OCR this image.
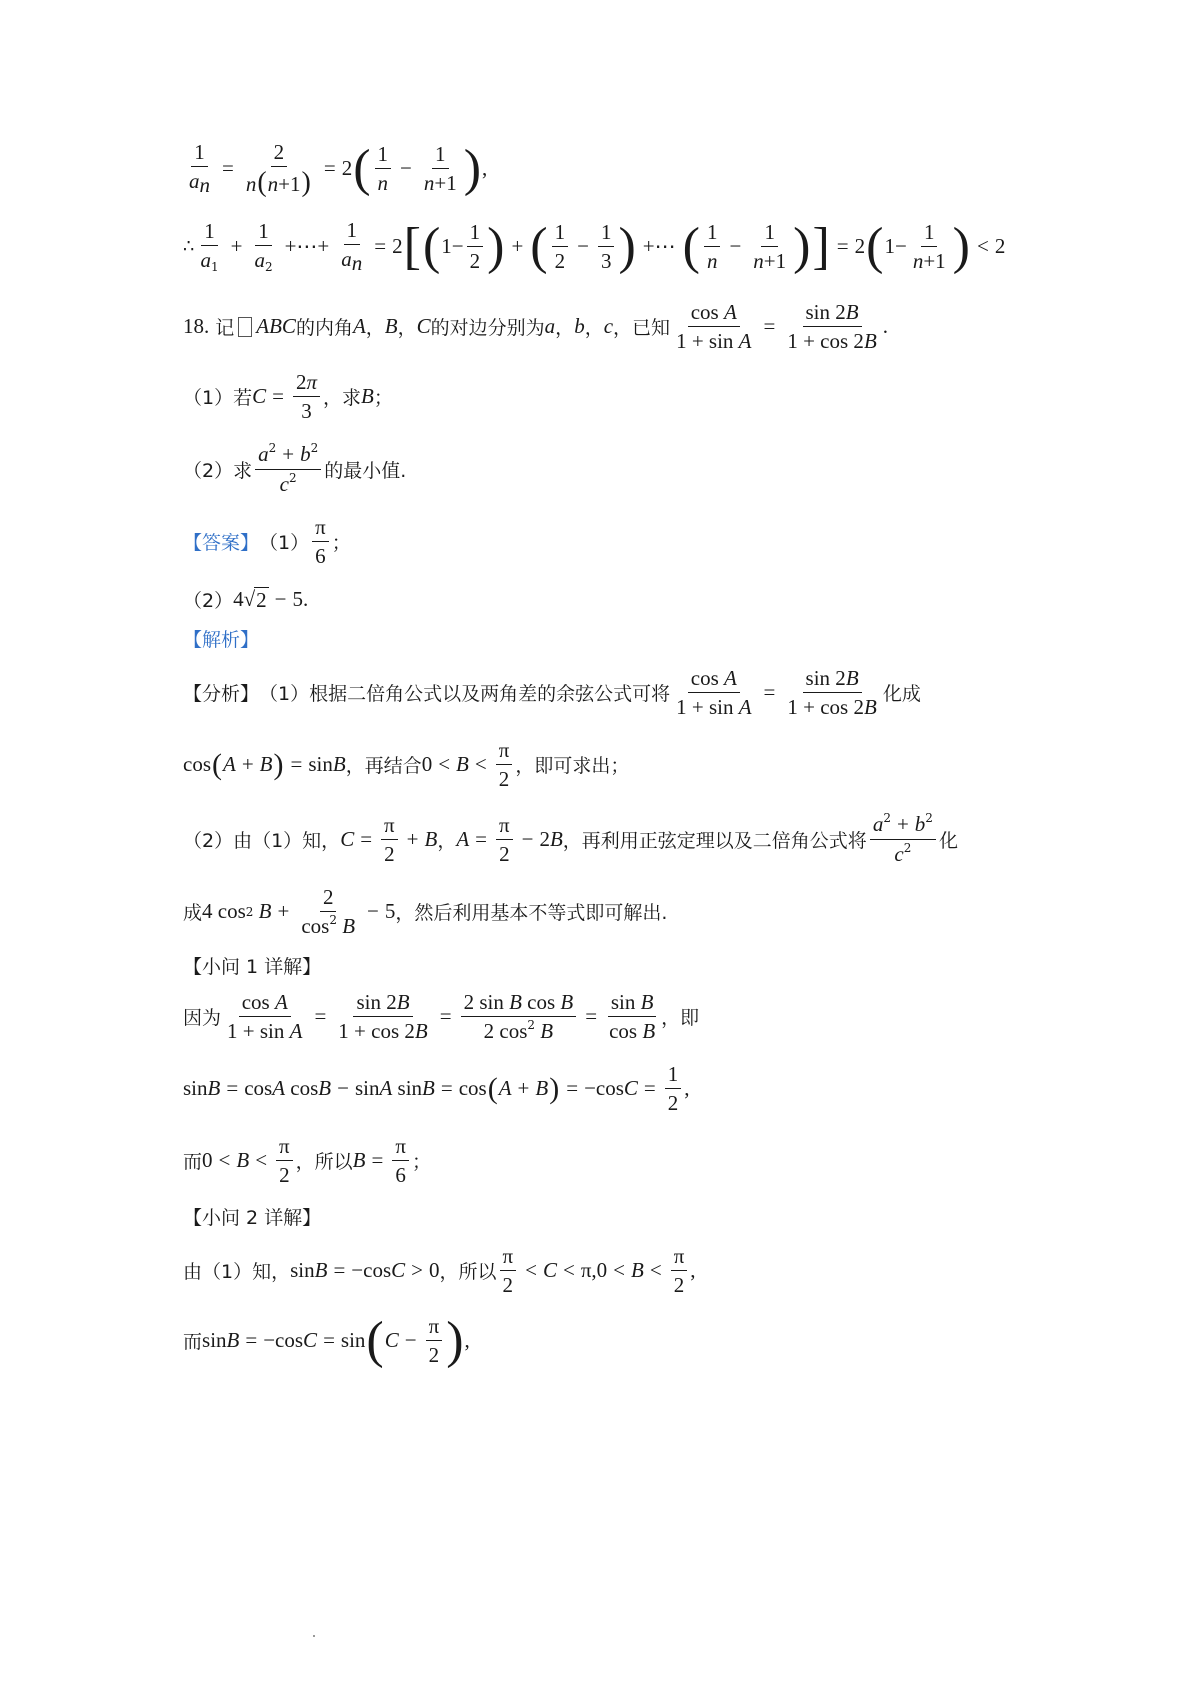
$\frac{1}{a_n} = \frac{2}{n(n+1)} = 2$ ( $\frac{1}{n} - \frac{1}{n+1}$ ) ,
∴ $\frac{1}{a_1} + \frac{1}{a_2}$ +⋯+ $\frac{1}{a_n} = 2$ [ ( $1- \frac{1}{2}$ ) + ( $\frac{1}{2} - \frac{1}{3}$ ) +⋯ ( $\frac{1}{n} - \frac{1}{n+1}$ ) ] = 2 ( $1- \frac{1}{n+1}$ ) < 2
18. 记 ABC 的内角 A ， B ， C 的对边分别为 a ， b ， c ， 已知 $\frac{\text{cos A}}{\text{1 + sin A}} = \frac{\sin 2B}{1 + \cos 2B}$ .
（1）若 $C = \frac{2\pi}{3}$ ，求 B ；
（2）求 $\frac{a^2 + b^2}{c^2}$ 的最小值.
【答案】 $(1) \frac{\pi}{6}$ ；
（2） 4 √ 2 − 5 .
【解析】
【分析】 （1）根据二倍角公式以及两角差的余弦公式可将 $\frac{\text{cos A}}{\text{1 + sin A}} = \frac{\sin 2B}{1 + \cos 2B}$ 化成
cos ( A + B ) = sin B ，再结合 $0 < B < \frac{\pi}{2}$ ，即可求出；
（2）由（1）知， $C = \frac{\pi}{2} + B$ ， $A = \frac{\pi}{2} - 2$ B ，再利用正弦定理以及二倍角公式将 $\frac{a^2 + b^2}{c^2}$ 化
成 4 cos 2
$B + \frac{2}{\cos^2 B} - 5$ ，然后利用基本不等式即可解出.
【小问 1 详解】
因为 $\frac{\text{cos A}}{\text{1 + sin A}} = \frac{\sin 2B}{1 + \cos 2B} = \frac{\text{2 sin B cos B}}{2 \cos^2 B} = \frac{\text{sin B}}{\text{cos B}}$ ，即
sin B = cos A cos B − sin A sin B = cos ( A + B ) = −cos $C = \frac{1}{2}$ ,
而 $0 < B < \frac{\pi}{2}$ ，所以 $B = \frac{\pi}{6}$ ；
【小问 2 详解】
由（1）知， sin B = −cos C > 0 ，所以 $\frac{\pi}{2} < C < \pi$, $0 < B < \frac{\pi}{2}$ ,
而 sin B = −cos C = sin ( $C - \frac{\pi}{2}$ ) ,
